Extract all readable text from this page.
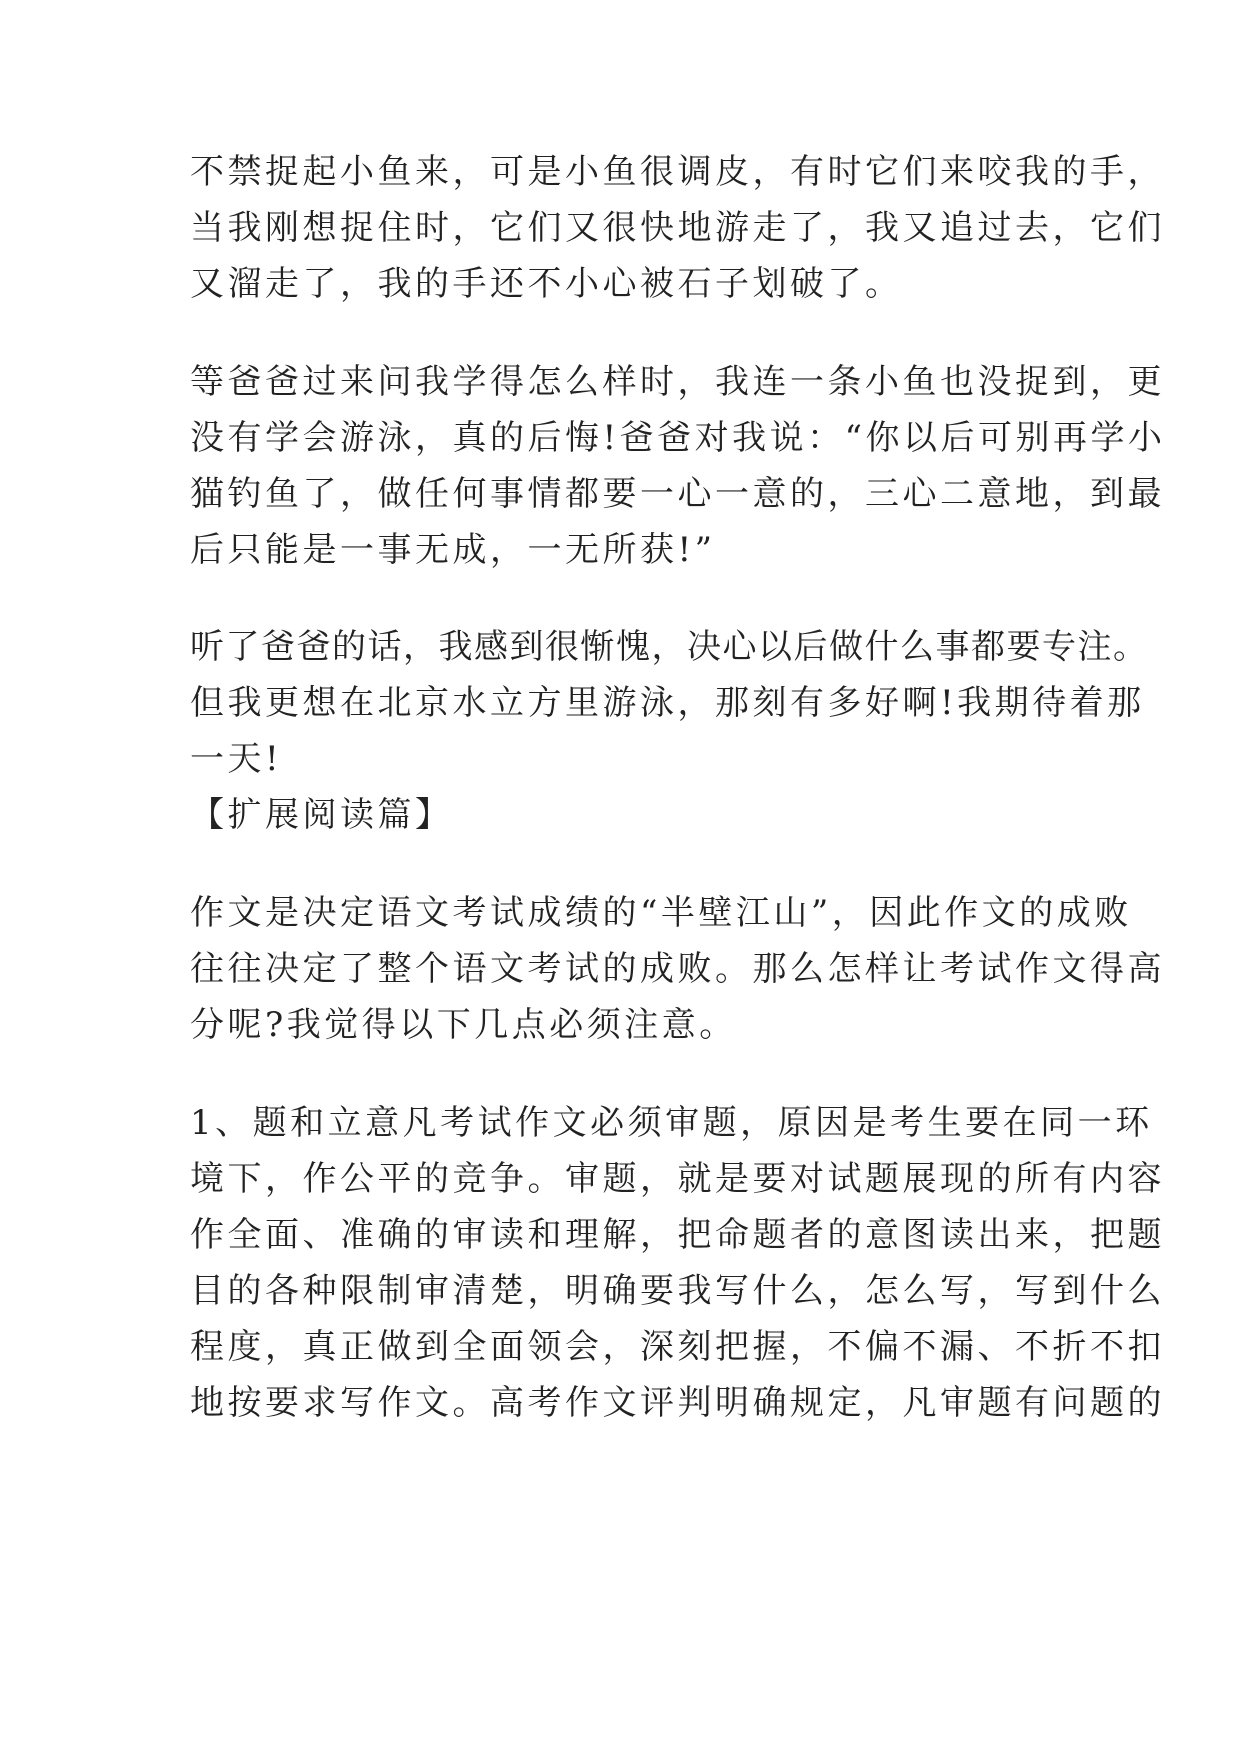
不禁捉起小鱼来，可是小鱼很调皮，有时它们来咬我的手，

当我刚想捉住时，它们又很快地游走了，我又追过去，它们

又溜走了，我的手还不小心被石子划破了。

等爸爸过来问我学得怎么样时，我连一条小鱼也没捉到，更

没有学会游泳，真的后悔!爸爸对我说：“你以后可别再学小

猫钓鱼了，做任何事情都要一心一意的，三心二意地，到最

后只能是一事无成，一无所获!”

听了爸爸的话，我感到很惭愧，决心以后做什么事都要专注。

但我更想在北京水立方里游泳，那刻有多好啊!我期待着那

一天!

【扩展阅读篇】

作文是决定语文考试成绩的“半壁江山”，因此作文的成败

往往决定了整个语文考试的成败。那么怎样让考试作文得高

分呢?我觉得以下几点必须注意。

1、题和立意凡考试作文必须审题，原因是考生要在同一环

境下，作公平的竞争。审题，就是要对试题展现的所有内容

作全面、准确的审读和理解，把命题者的意图读出来，把题

目的各种限制审清楚，明确要我写什么，怎么写，写到什么

程度，真正做到全面领会，深刻把握，不偏不漏、不折不扣

地按要求写作文。高考作文评判明确规定，凡审题有问题的
